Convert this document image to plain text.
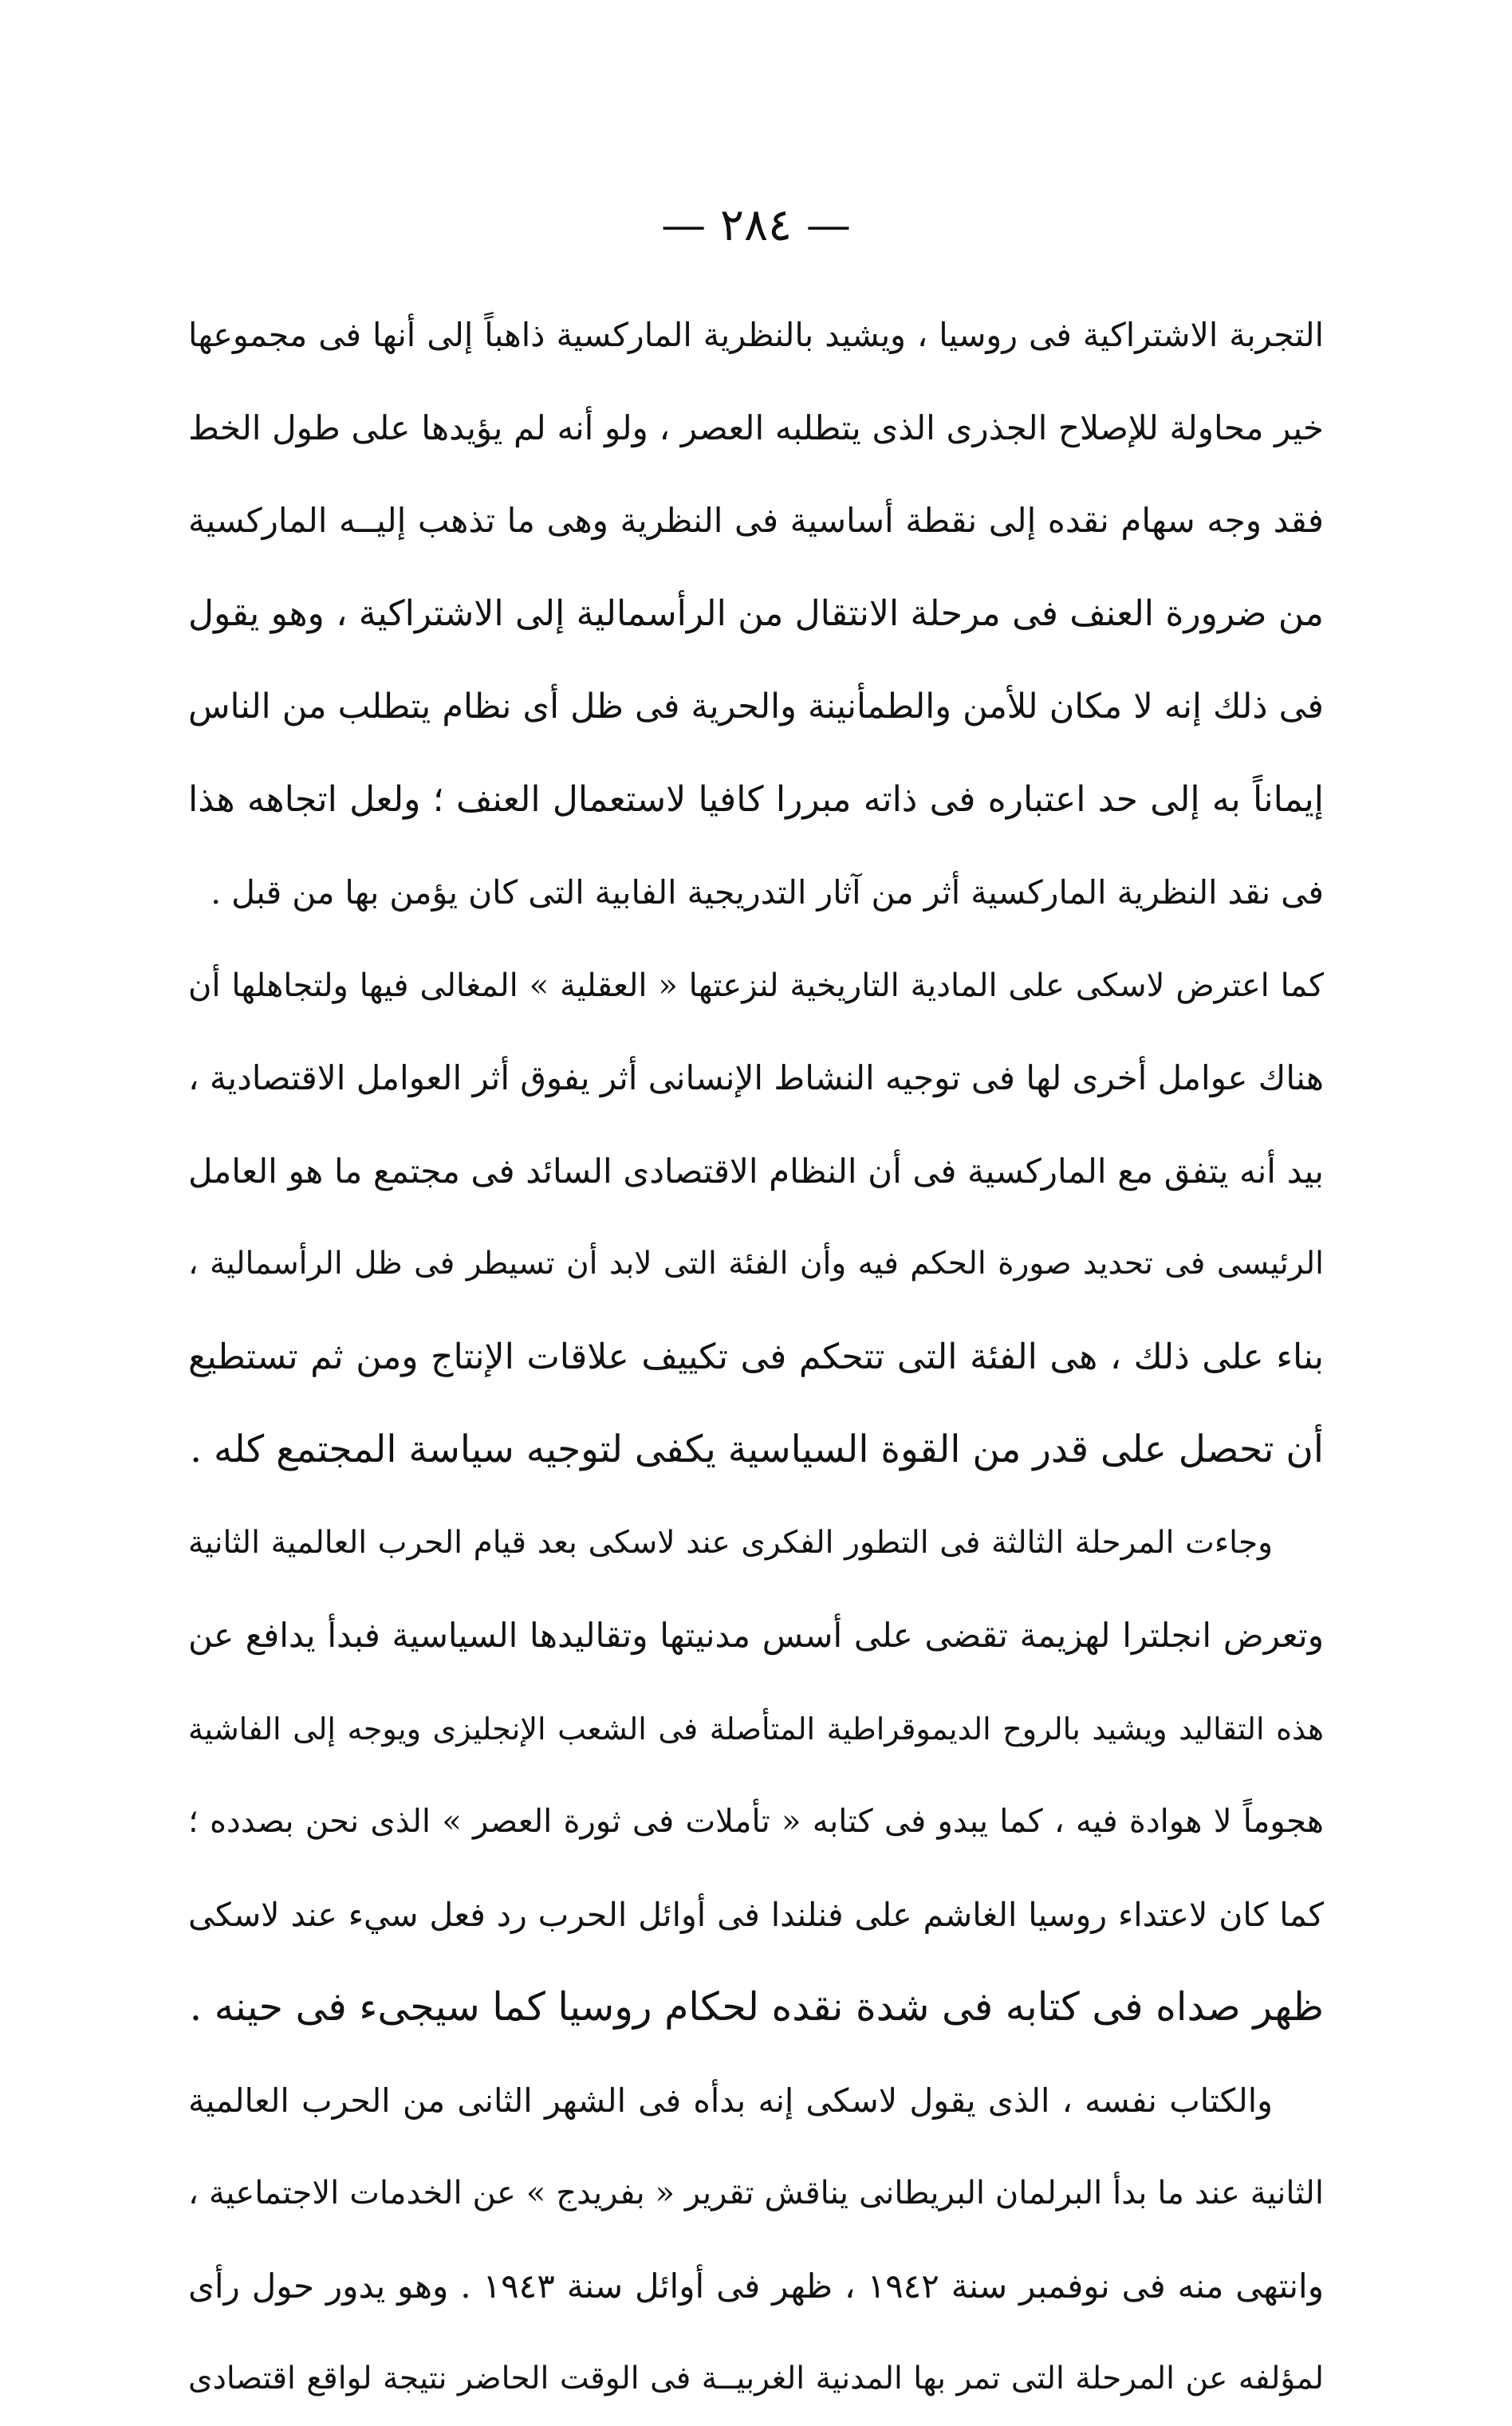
— ٢٨٤ —
التجربة الاشتراكية فى روسيا ، ويشيد بالنظرية الماركسية ذاهباً إلى أنها فى مجموعها
خير محاولة للإصلاح الجذرى الذى يتطلبه العصر ، ولو أنه لم يؤيدها على طول الخط
فقد وجه سهام نقده إلى نقطة أساسية فى النظرية وهى ما تذهب إليــه الماركسية
من ضرورة العنف فى مرحلة الانتقال من الرأسمالية إلى الاشتراكية ، وهو يقول
فى ذلك إنه لا مكان للأمن والطمأنينة والحرية فى ظل أى نظام يتطلب من الناس
إيماناً به إلى حد اعتباره فى ذاته مبررا كافيا لاستعمال العنف ؛ ولعل اتجاهه هذا
فى نقد النظرية الماركسية أثر من آثار التدريجية الفابية التى كان يؤمن بها من قبل .
كما اعترض لاسكى على المادية التاريخية لنزعتها « العقلية » المغالى فيها ولتجاهلها أن
هناك عوامل أخرى لها فى توجيه النشاط الإنسانى أثر يفوق أثر العوامل الاقتصادية ،
بيد أنه يتفق مع الماركسية فى أن النظام الاقتصادى السائد فى مجتمع ما هو العامل
الرئيسى فى تحديد صورة الحكم فيه وأن الفئة التى لابد أن تسيطر فى ظل الرأسمالية ،
بناء على ذلك ، هى الفئة التى تتحكم فى تكييف علاقات الإنتاج ومن ثم تستطيع
أن تحصل على قدر من القوة السياسية يكفى لتوجيه سياسة المجتمع كله .
وجاءت المرحلة الثالثة فى التطور الفكرى عند لاسكى بعد قيام الحرب العالمية الثانية
وتعرض انجلترا لهزيمة تقضى على أسس مدنيتها وتقاليدها السياسية فبدأ يدافع عن
هذه التقاليد ويشيد بالروح الديموقراطية المتأصلة فى الشعب الإنجليزى ويوجه إلى الفاشية
هجوماً لا هوادة فيه ، كما يبدو فى كتابه « تأملات فى ثورة العصر » الذى نحن بصدده ؛
كما كان لاعتداء روسيا الغاشم على فنلندا فى أوائل الحرب رد فعل سيء عند لاسكى
ظهر صداه فى كتابه فى شدة نقده لحكام روسيا كما سيجىء فى حينه .
والكتاب نفسه ، الذى يقول لاسكى إنه بدأه فى الشهر الثانى من الحرب العالمية
الثانية عند ما بدأ البرلمان البريطانى يناقش تقرير « بفريدج » عن الخدمات الاجتماعية ،
وانتهى منه فى نوفمبر سنة ١٩٤٢ ، ظهر فى أوائل سنة ١٩٤٣ . وهو يدور حول رأى
لمؤلفه عن المرحلة التى تمر بها المدنية الغربيــة فى الوقت الحاضر نتيجة لواقع اقتصادى
